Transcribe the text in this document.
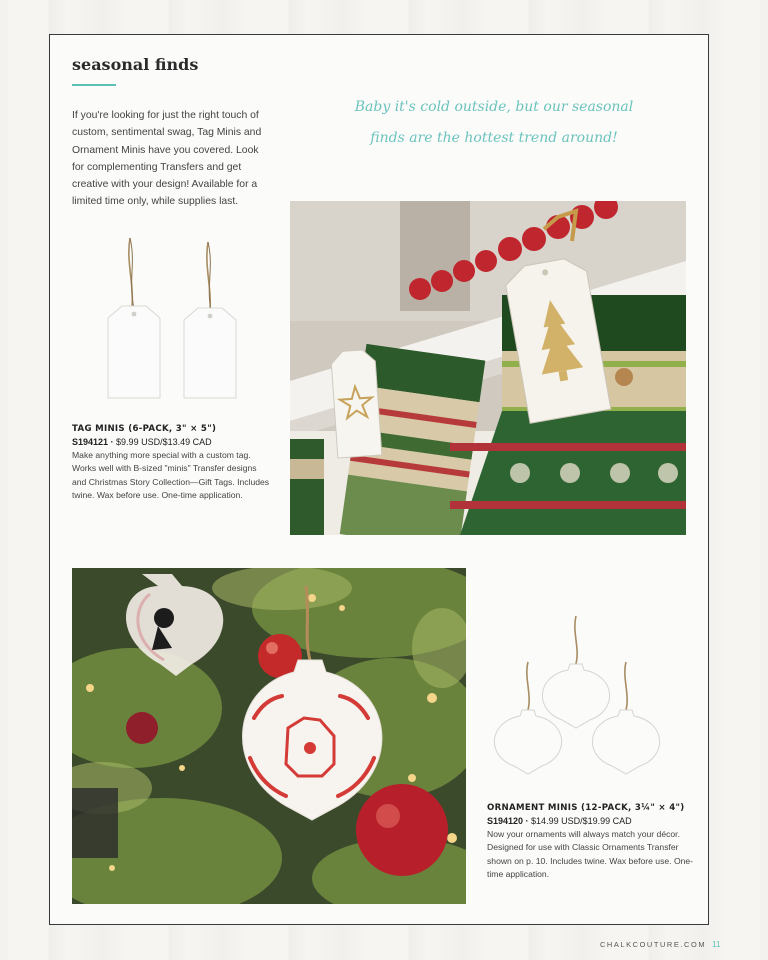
seasonal finds

If you're looking for just the right touch of custom, sentimental swag, Tag Minis and Ornament Minis have you covered. Look for complementing Transfers and get creative with your design! Available for a limited time only, while supplies last.

Baby it's cold outside, but our seasonal
finds are the hottest trend around!
TAG MINIS (6-PACK, 3" × 5")
S194121 · $9.99 USD/$13.49 CAD
Make anything more special with a custom tag. Works well with B-sized "minis" Transfer designs and Christmas Story Collection—Gift Tags. Includes twine. Wax before use. One-time application.
ORNAMENT MINIS (12-PACK, 3¼" × 4")
S194120 · $14.99 USD/$19.99 CAD
Now your ornaments will always match your décor. Designed for use with Classic Ornaments Transfer shown on p. 10. Includes twine. Wax before use. One-time application.
CHALKCOUTURE.COM 11
